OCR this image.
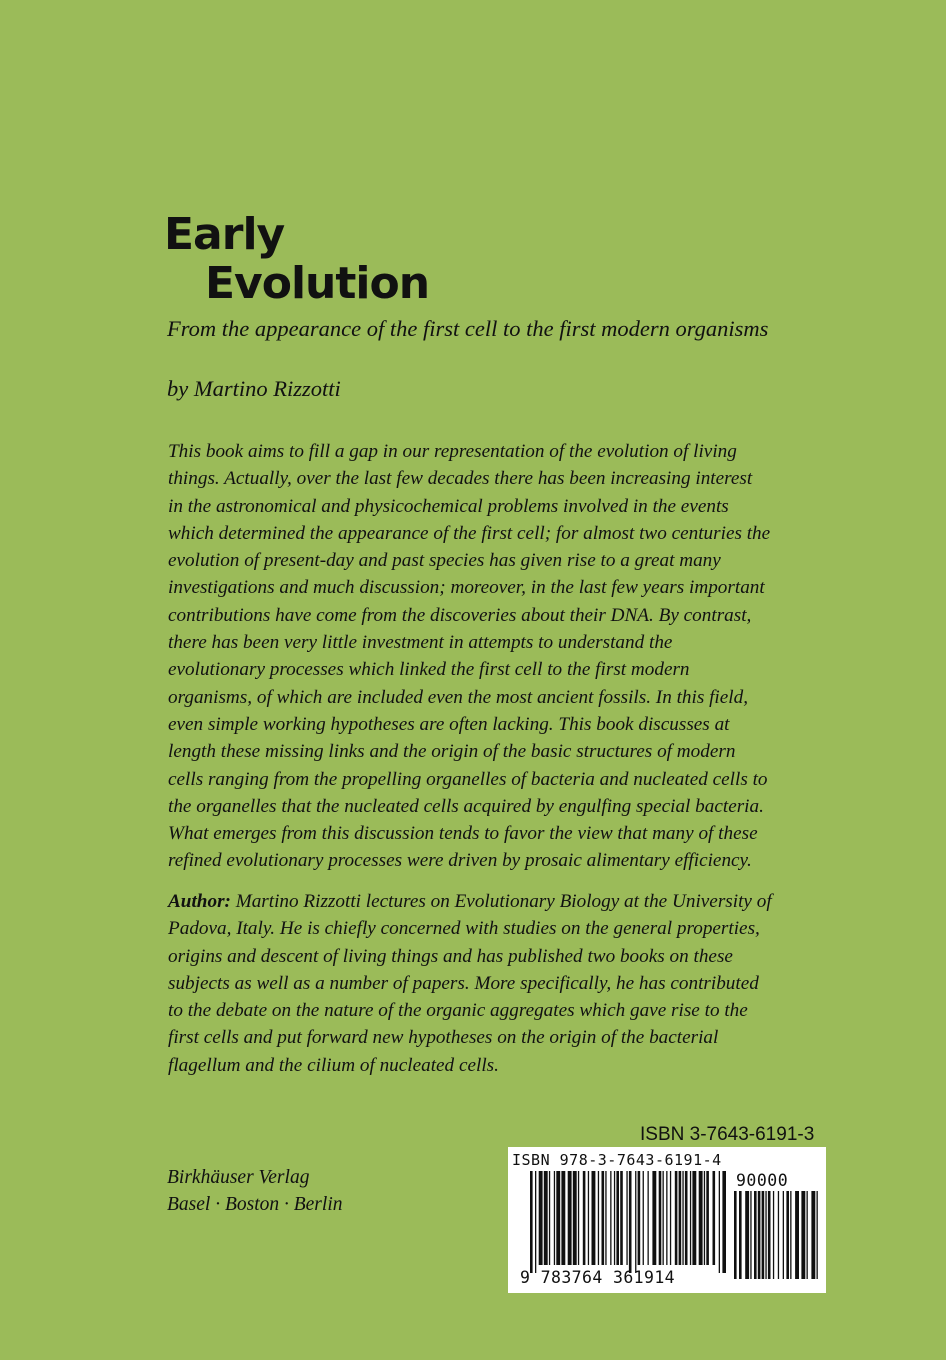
Early
Evolution
From the appearance of the first cell to the first modern organisms
by Martino Rizzotti

This book aims to fill a gap in our representation of the evolution of living
things. Actually, over the last few decades there has been increasing interest
in the astronomical and physicochemical problems involved in the events
which determined the appearance of the first cell; for almost two centuries the
evolution of present-day and past species has given rise to a great many
investigations and much discussion; moreover, in the last few years important
contributions have come from the discoveries about their DNA. By contrast,
there has been very little investment in attempts to understand the
evolutionary processes which linked the first cell to the first modern
organisms, of which are included even the most ancient fossils. In this field,
even simple working hypotheses are often lacking. This book discusses at
length these missing links and the origin of the basic structures of modern
cells ranging from the propelling organelles of bacteria and nucleated cells to
the organelles that the nucleated cells acquired by engulfing special bacteria.
What emerges from this discussion tends to favor the view that many of these
refined evolutionary processes were driven by prosaic alimentary efficiency.

Author: Martino Rizzotti lectures on Evolutionary Biology at the University of
Padova, Italy. He is chiefly concerned with studies on the general properties,
origins and descent of living things and has published two books on these
subjects as well as a number of papers. More specifically, he has contributed
to the debate on the nature of the organic aggregates which gave rise to the
first cells and put forward new hypotheses on the origin of the bacterial
flagellum and the cilium of nucleated cells.

Birkhäuser Verlag
Basel · Boston · Berlin
ISBN 3-7643-6191-3
ISBN 978-3-7643-6191-4
90000
9 783764 361914
